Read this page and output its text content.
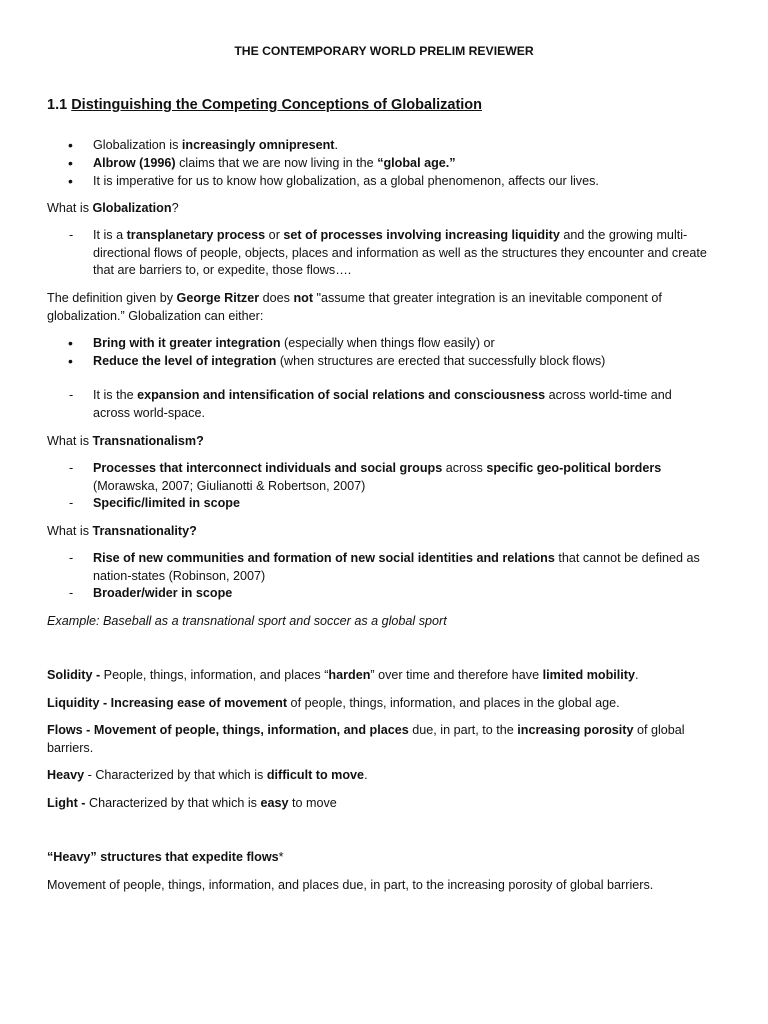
THE CONTEMPORARY WORLD PRELIM REVIEWER

1.1 Distinguishing the Competing Conceptions of Globalization

•	Globalization is increasingly omnipresent.
•	Albrow (1996) claims that we are now living in the “global age.”
•	It is imperative for us to know how globalization, as a global phenomenon, affects our lives.

What is Globalization?

-	It is a transplanetary process or set of processes involving increasing liquidity and the growing multi-directional flows of people, objects, places and information as well as the structures they encounter and create that are barriers to, or expedite, those flows….

The definition given by George Ritzer does not "assume that greater integration is an inevitable component of globalization.” Globalization can either:

•	Bring with it greater integration (especially when things flow easily) or
•	Reduce the level of integration (when structures are erected that successfully block flows)
-	It is the expansion and intensification of social relations and consciousness across world-time and across world-space.

What is Transnationalism?

-	Processes that interconnect individuals and social groups across specific geo-political borders (Morawska, 2007; Giulianotti & Robertson, 2007)
-	Specific/limited in scope

What is Transnationality?

-	Rise of new communities and formation of new social identities and relations that cannot be defined as nation-states (Robinson, 2007)
-	Broader/wider in scope

Example: Baseball as a transnational sport and soccer as a global sport

Solidity - People, things, information, and places “harden” over time and therefore have limited mobility.

Liquidity - Increasing ease of movement of people, things, information, and places in the global age.

Flows - Movement of people, things, information, and places due, in part, to the increasing porosity of global barriers.

Heavy - Characterized by that which is difficult to move.

Light - Characterized by that which is easy to move

“Heavy” structures that expedite flows*

Movement of people, things, information, and places due, in part, to the increasing porosity of global barriers.
